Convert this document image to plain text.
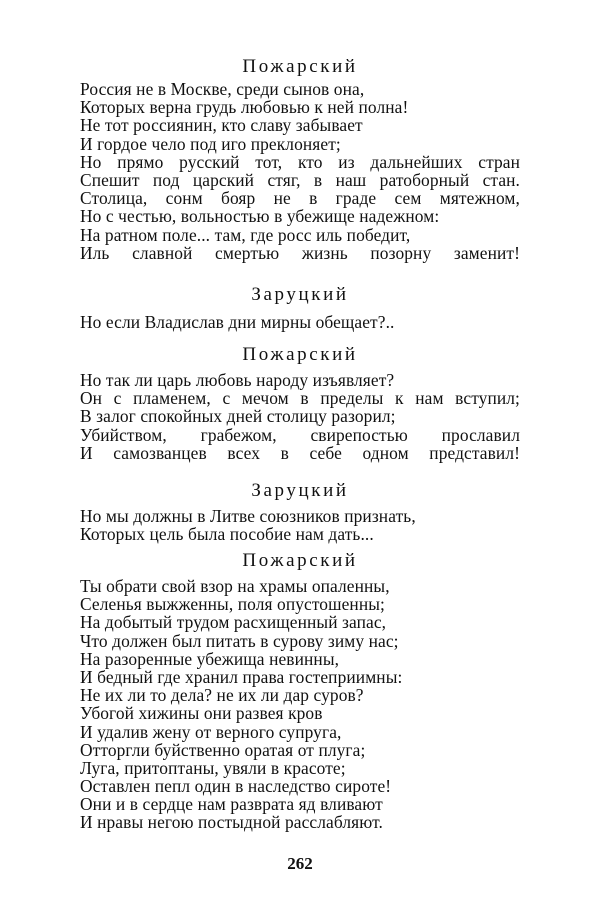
Пожарский
Россия не в Москве, среди сынов она,
Которых верна грудь любовью к ней полна!
Не тот россиянин, кто славу забывает
И гордое чело под иго преклоняет;
Но прямо русский тот, кто из дальнейших стран
Спешит под царский стяг, в наш ратоборный стан.
Столица, сонм бояр не в граде сем мятежном,
Но с честью, вольностью в убежище надежном:
На ратном поле... там, где росс иль победит,
Иль славной смертью жизнь позорну заменит!
Заруцкий
Но если Владислав дни мирны обещает?..
Пожарский
Но так ли царь любовь народу изъявляет?
Он с пламенем, с мечом в пределы к нам вступил;
В залог спокойных дней столицу разорил;
Убийством, грабежом, свирепостью прославил
И самозванцев всех в себе одном представил!
Заруцкий
Но мы должны в Литве союзников признать,
Которых цель была пособие нам дать...
Пожарский
Ты обрати свой взор на храмы опаленны,
Селенья выжженны, поля опустошенны;
На добытый трудом расхищенный запас,
Что должен был питать в сурову зиму нас;
На разоренные убежища невинны,
И бедный где хранил права гостеприимны:
Не их ли то дела? не их ли дар суров?
Убогой хижины они развея кров
И удалив жену от верного супруга,
Отторгли буйственно оратая от плуга;
Луга, притоптаны, увяли в красоте;
Оставлен пепл один в наследство сироте!
Они и в сердце нам разврата яд вливают
И нравы негою постыдной расслабляют.
262
